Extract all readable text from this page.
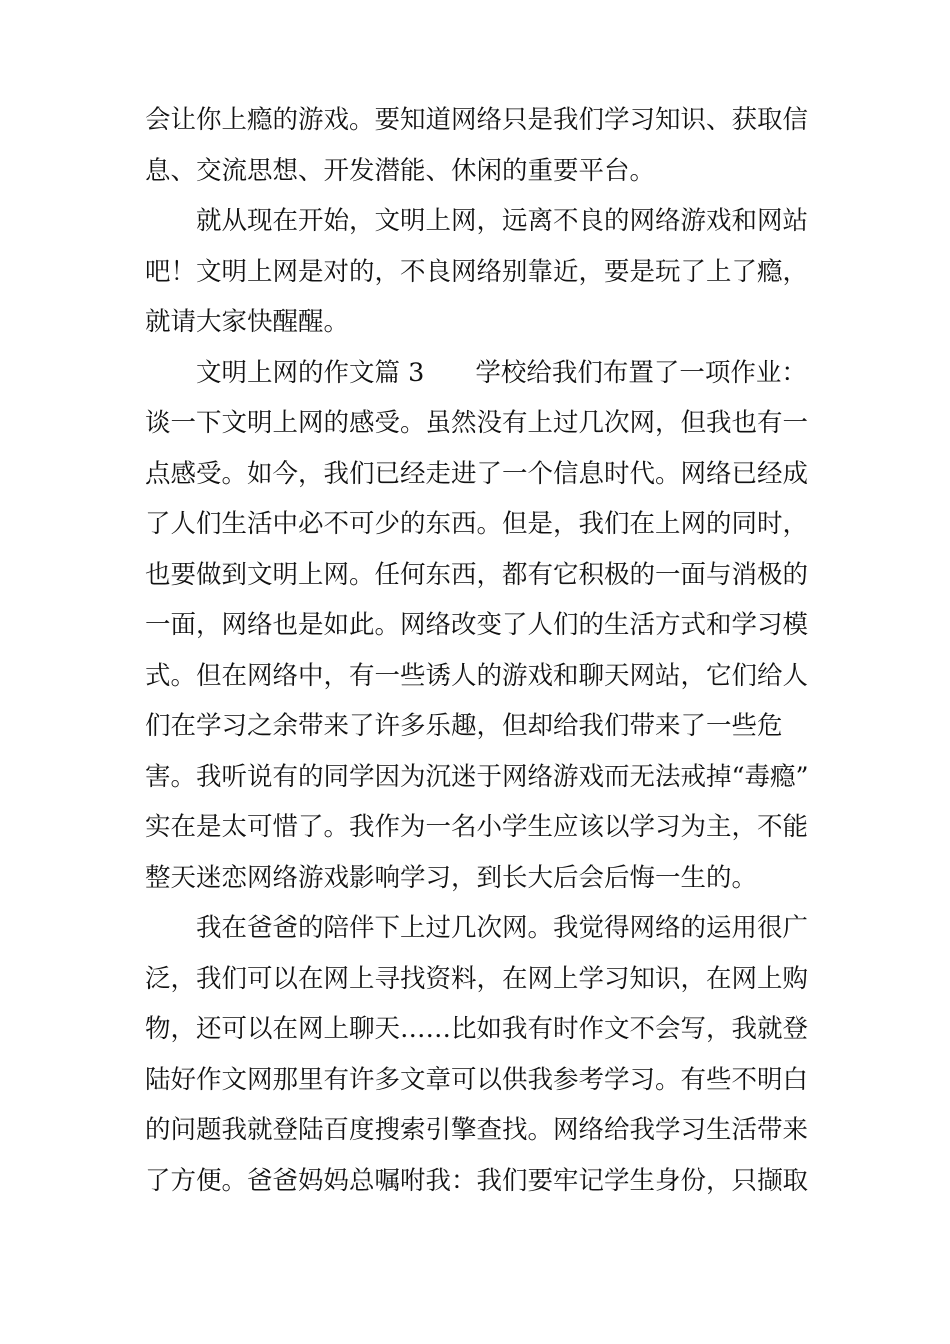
会让你上瘾的游戏。要知道网络只是我们学习知识、获取信
息、交流思想、开发潜能、休闲的重要平台。
就从现在开始，文明上网，远离不良的网络游戏和网站
吧！文明上网是对的，不良网络别靠近，要是玩了上了瘾，
就请大家快醒醒。
文明上网的作文篇 3　　学校给我们布置了一项作业：
谈一下文明上网的感受。虽然没有上过几次网，但我也有一
点感受。如今，我们已经走进了一个信息时代。网络已经成
了人们生活中必不可少的东西。但是，我们在上网的同时，
也要做到文明上网。任何东西，都有它积极的一面与消极的
一面，网络也是如此。网络改变了人们的生活方式和学习模
式。但在网络中，有一些诱人的游戏和聊天网站，它们给人
们在学习之余带来了许多乐趣，但却给我们带来了一些危
害。我听说有的同学因为沉迷于网络游戏而无法戒掉“毒瘾”
实在是太可惜了。我作为一名小学生应该以学习为主，不能
整天迷恋网络游戏影响学习，到长大后会后悔一生的。
我在爸爸的陪伴下上过几次网。我觉得网络的运用很广
泛，我们可以在网上寻找资料，在网上学习知识，在网上购
物，还可以在网上聊天……比如我有时作文不会写，我就登
陆好作文网那里有许多文章可以供我参考学习。有些不明白
的问题我就登陆百度搜索引擎查找。网络给我学习生活带来
了方便。爸爸妈妈总嘱咐我：我们要牢记学生身份，只撷取
